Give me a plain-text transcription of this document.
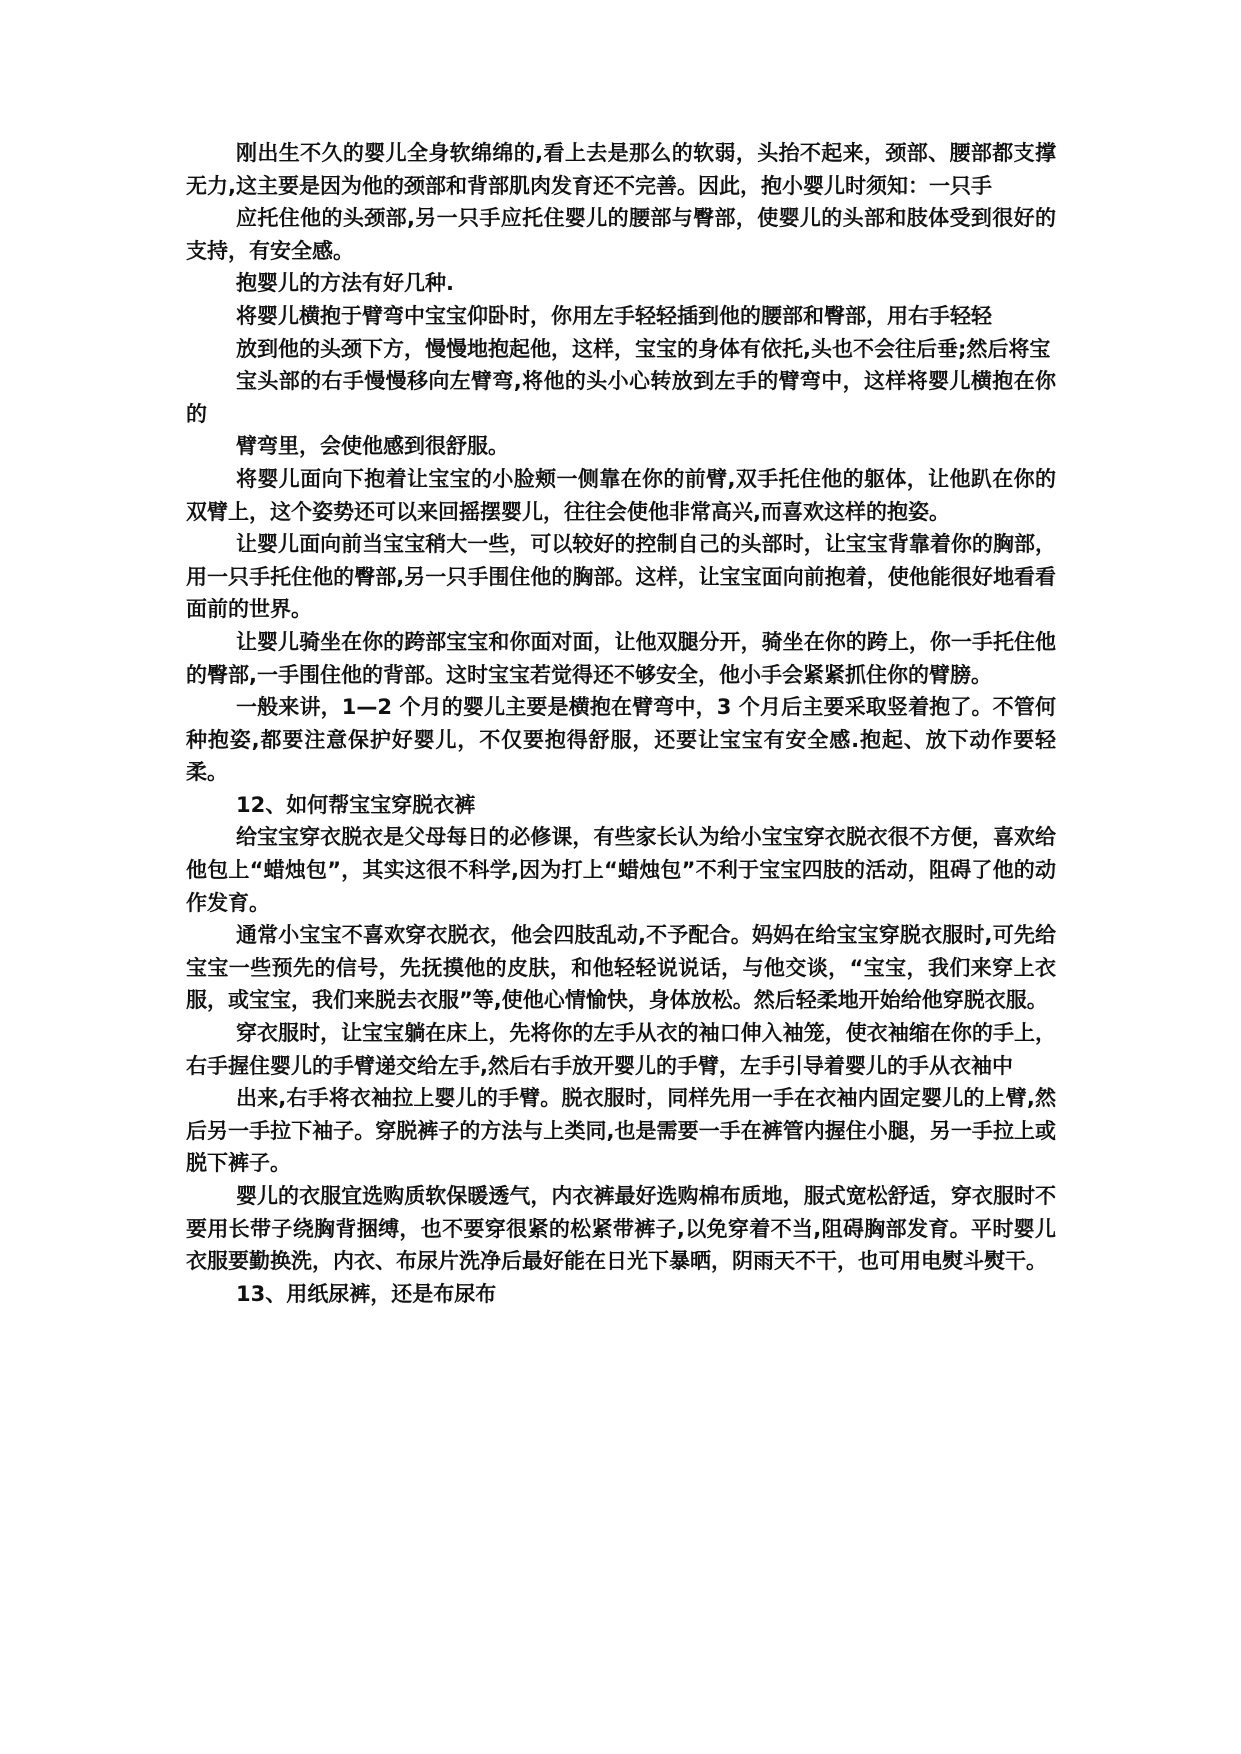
刚出生不久的婴儿全身软绵绵的,看上去是那么的软弱，头抬不起来，颈部、腰部都支撑无力,这主要是因为他的颈部和背部肌肉发育还不完善。因此，抱小婴儿时须知：一只手

应托住他的头颈部,另一只手应托住婴儿的腰部与臀部，使婴儿的头部和肢体受到很好的支持，有安全感。

抱婴儿的方法有好几种.

将婴儿横抱于臂弯中宝宝仰卧时，你用左手轻轻插到他的腰部和臀部，用右手轻轻

放到他的头颈下方，慢慢地抱起他，这样，宝宝的身体有依托,头也不会往后垂;然后将宝

宝头部的右手慢慢移向左臂弯,将他的头小心转放到左手的臂弯中，这样将婴儿横抱在你的

臂弯里，会使他感到很舒服。

将婴儿面向下抱着让宝宝的小脸颊一侧靠在你的前臂,双手托住他的躯体，让他趴在你的双臂上，这个姿势还可以来回摇摆婴儿，往往会使他非常高兴,而喜欢这样的抱姿。

让婴儿面向前当宝宝稍大一些，可以较好的控制自己的头部时，让宝宝背靠着你的胸部，用一只手托住他的臀部,另一只手围住他的胸部。这样，让宝宝面向前抱着，使他能很好地看看面前的世界。

让婴儿骑坐在你的跨部宝宝和你面对面，让他双腿分开，骑坐在你的跨上，你一手托住他的臀部,一手围住他的背部。这时宝宝若觉得还不够安全，他小手会紧紧抓住你的臂膀。

一般来讲，1—2 个月的婴儿主要是横抱在臂弯中，3 个月后主要采取竖着抱了。不管何种抱姿,都要注意保护好婴儿，不仅要抱得舒服，还要让宝宝有安全感.抱起、放下动作要轻柔。

12、如何帮宝宝穿脱衣裤

给宝宝穿衣脱衣是父母每日的必修课，有些家长认为给小宝宝穿衣脱衣很不方便，喜欢给他包上“蜡烛包”，其实这很不科学,因为打上“蜡烛包”不利于宝宝四肢的活动，阻碍了他的动作发育。

通常小宝宝不喜欢穿衣脱衣，他会四肢乱动,不予配合。妈妈在给宝宝穿脱衣服时,可先给宝宝一些预先的信号，先抚摸他的皮肤，和他轻轻说说话，与他交谈，“宝宝，我们来穿上衣服，或宝宝，我们来脱去衣服”等,使他心情愉快，身体放松。然后轻柔地开始给他穿脱衣服。

穿衣服时，让宝宝躺在床上，先将你的左手从衣的袖口伸入袖笼，使衣袖缩在你的手上，右手握住婴儿的手臂递交给左手,然后右手放开婴儿的手臂，左手引导着婴儿的手从衣袖中

出来,右手将衣袖拉上婴儿的手臂。脱衣服时，同样先用一手在衣袖内固定婴儿的上臂,然后另一手拉下袖子。穿脱裤子的方法与上类同,也是需要一手在裤管内握住小腿，另一手拉上或脱下裤子。

婴儿的衣服宜选购质软保暖透气，内衣裤最好选购棉布质地，服式宽松舒适，穿衣服时不要用长带子绕胸背捆缚，也不要穿很紧的松紧带裤子,以免穿着不当,阻碍胸部发育。平时婴儿衣服要勤换洗，内衣、布尿片洗净后最好能在日光下暴晒，阴雨天不干，也可用电熨斗熨干。

13、用纸尿裤，还是布尿布
